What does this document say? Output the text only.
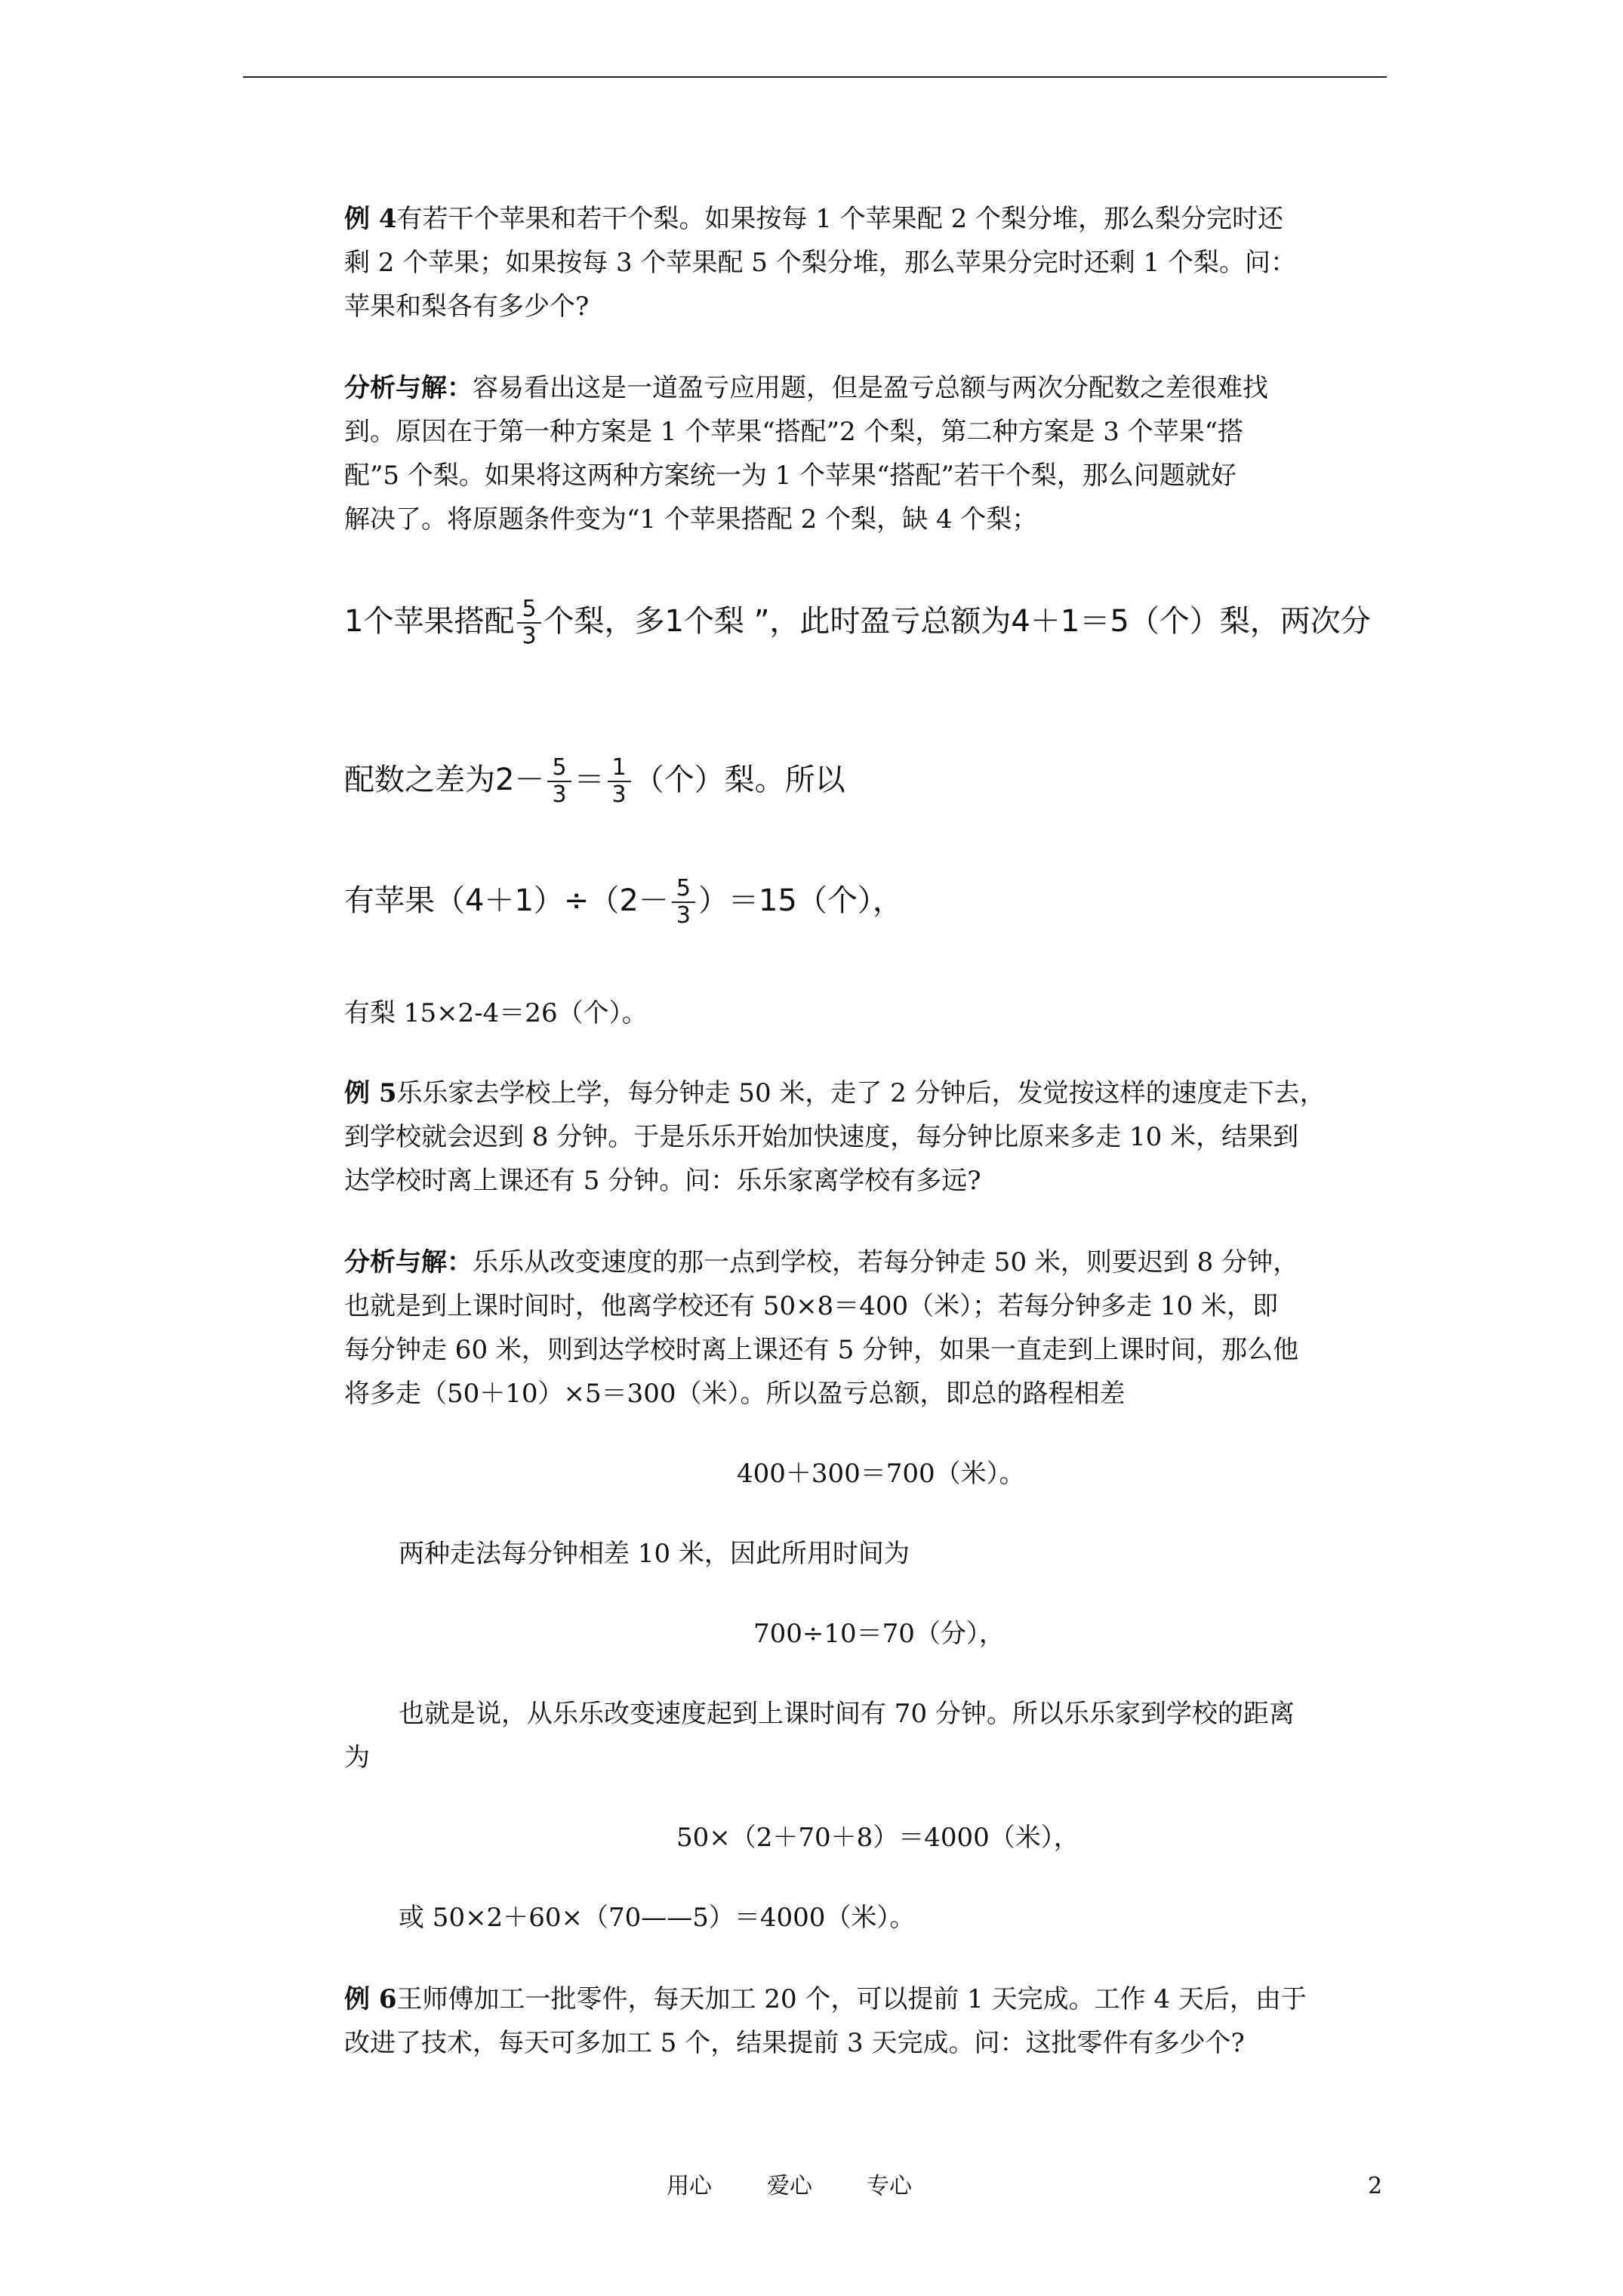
例 4有若干个苹果和若干个梨。如果按每 1 个苹果配 2 个梨分堆，那么梨分完时还
剩 2 个苹果；如果按每 3 个苹果配 5 个梨分堆，那么苹果分完时还剩 1 个梨。问：
苹果和梨各有多少个?
分析与解：容易看出这是一道盈亏应用题，但是盈亏总额与两次分配数之差很难找
到。原因在于第一种方案是 1 个苹果“搭配”2 个梨，第二种方案是 3 个苹果“搭
配”5 个梨。如果将这两种方案统一为 1 个苹果“搭配”若干个梨，那么问题就好
解决了。将原题条件变为“1 个苹果搭配 2 个梨，缺 4 个梨；
1个苹果搭配 $\frac{5}{3}$ 个梨，多1个梨 ”，此时盈亏总额为4＋1＝5（个）梨，两次分
配数之差为$2- \frac{5}{3} = \frac{1}{3}$ （个）梨。所以
有苹果$(4+1)\div(2- \frac{5}{3} )=15$（个），
有梨 15×2-4＝26（个）。
例 5乐乐家去学校上学，每分钟走 50 米，走了 2 分钟后，发觉按这样的速度走下去，
到学校就会迟到 8 分钟。于是乐乐开始加快速度，每分钟比原来多走 10 米，结果到
达学校时离上课还有 5 分钟。问：乐乐家离学校有多远?
分析与解：乐乐从改变速度的那一点到学校，若每分钟走 50 米，则要迟到 8 分钟，
也就是到上课时间时，他离学校还有 50×8＝400（米）；若每分钟多走 10 米，即
每分钟走 60 米，则到达学校时离上课还有 5 分钟，如果一直走到上课时间，那么他
将多走（50＋10）×5＝300（米）。所以盈亏总额，即总的路程相差
400＋300＝700（米）。
两种走法每分钟相差 10 米，因此所用时间为
700÷10＝70（分），
也就是说，从乐乐改变速度起到上课时间有 70 分钟。所以乐乐家到学校的距离
为
50×（2＋70＋8）＝4000（米），
或 50×2＋60×（70——5）＝4000（米）。
例 6王师傅加工一批零件，每天加工 20 个，可以提前 1 天完成。工作 4 天后，由于
改进了技术，每天可多加工 5 个，结果提前 3 天完成。问：这批零件有多少个?
用心 爱心 专心	2
